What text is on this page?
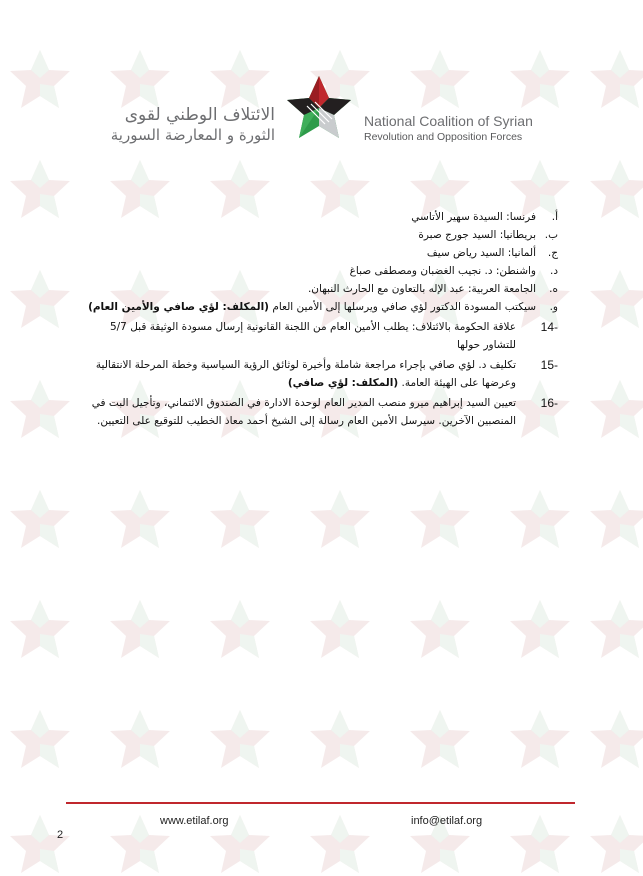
الائتلاف الوطني لقوى
الثورة و المعارضة السورية
National Coalition of Syrian
Revolution and Opposition Forces
أ.
فرنسا: السيدة سهير الأتاسي
ب.
بريطانيا: السيد جورج صبرة
ج.
ألمانيا: السيد رياض سيف
د.
واشنطن: د. نجيب الغضبان ومصطفى صباغ
ه.
الجامعة العربية: عبد الإله بالتعاون مع الحارث النبهان.
و.
سيكتب المسودة الدكتور لؤي صافي ويرسلها إلى الأمين العام (المكلف: لؤي صافي والأمين العام)
14-
علاقة الحكومة بالائتلاف: يطلب الأمين العام من اللجنة القانونية إرسال مسودة الوثيقة قبل 5/7 للتشاور حولها
15-
تكليف د. لؤي صافي بإجراء مراجعة شاملة وأخيرة لوثائق الرؤية السياسية وخطة المرحلة الانتقالية وعرضها على الهيئة العامة. (المكلف: لؤي صافي)
16-
تعيين السيد إبراهيم ميرو منصب المدير العام لوحدة الادارة في الصندوق الائتماني، وتأجيل البت في المنصبين الآخرين. سيرسل الأمين العام رسالة إلى الشيخ أحمد معاذ الخطيب للتوقيع على التعيين.
www.etilaf.org	info@etilaf.org
2
